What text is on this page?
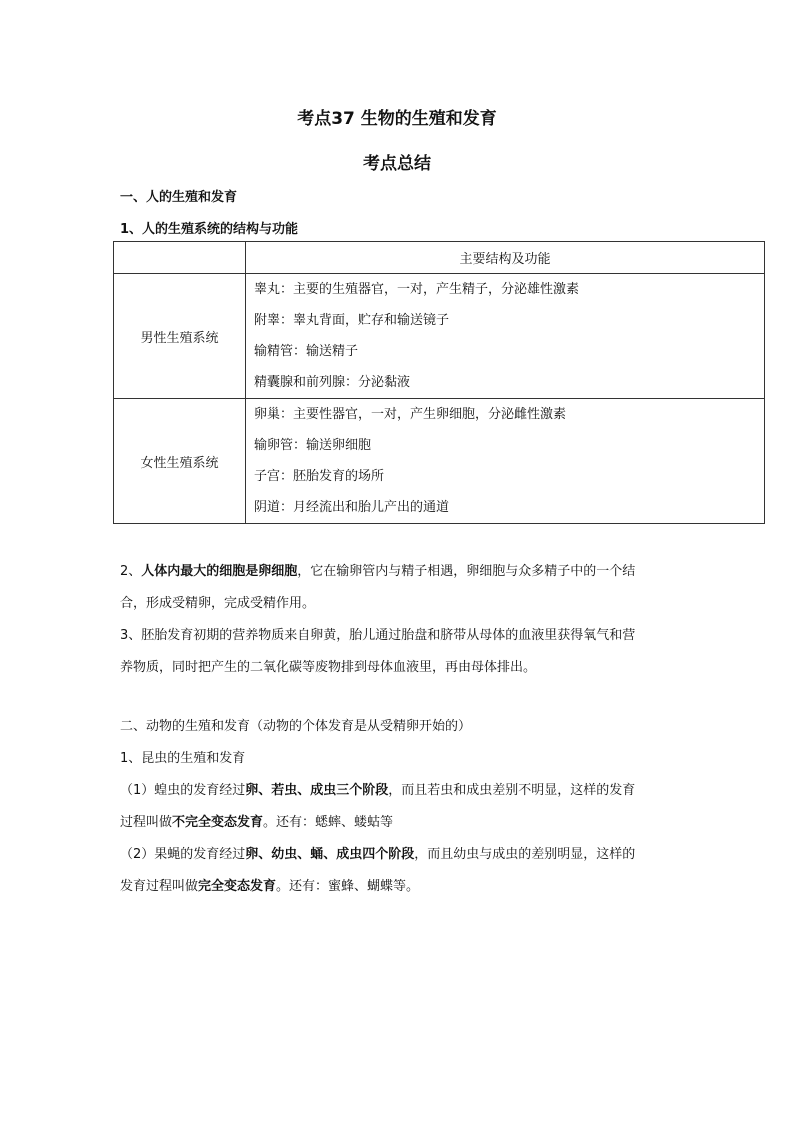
考点37 生物的生殖和发育
考点总结
一、人的生殖和发育
1、人的生殖系统的结构与功能
	主要结构及功能
男性生殖系统	睾丸：主要的生殖器官，一对，产生精子，分泌雄性激素
附睾：睾丸背面，贮存和输送镜子
输精管：输送精子
精囊腺和前列腺：分泌黏液

女性生殖系统	卵巢：主要性器官，一对，产生卵细胞，分泌雌性激素
输卵管：输送卵细胞
子宫：胚胎发育的场所
阴道：月经流出和胎儿产出的通道
2、人体内最大的细胞是卵细胞，它在输卵管内与精子相遇，卵细胞与众多精子中的一个结
合，形成受精卵，完成受精作用。
3、胚胎发育初期的营养物质来自卵黄，胎儿通过胎盘和脐带从母体的血液里获得氧气和营
养物质，同时把产生的二氧化碳等废物排到母体血液里，再由母体排出。
二、动物的生殖和发育（动物的个体发育是从受精卵开始的）
1、昆虫的生殖和发育
（1）蝗虫的发育经过卵、若虫、成虫三个阶段，而且若虫和成虫差别不明显，这样的发育
过程叫做不完全变态发育。还有：蟋蟀、蝼蛄等
（2）果蝇的发育经过卵、幼虫、蛹、成虫四个阶段，而且幼虫与成虫的差别明显，这样的
发育过程叫做完全变态发育。还有：蜜蜂、蝴蝶等。
